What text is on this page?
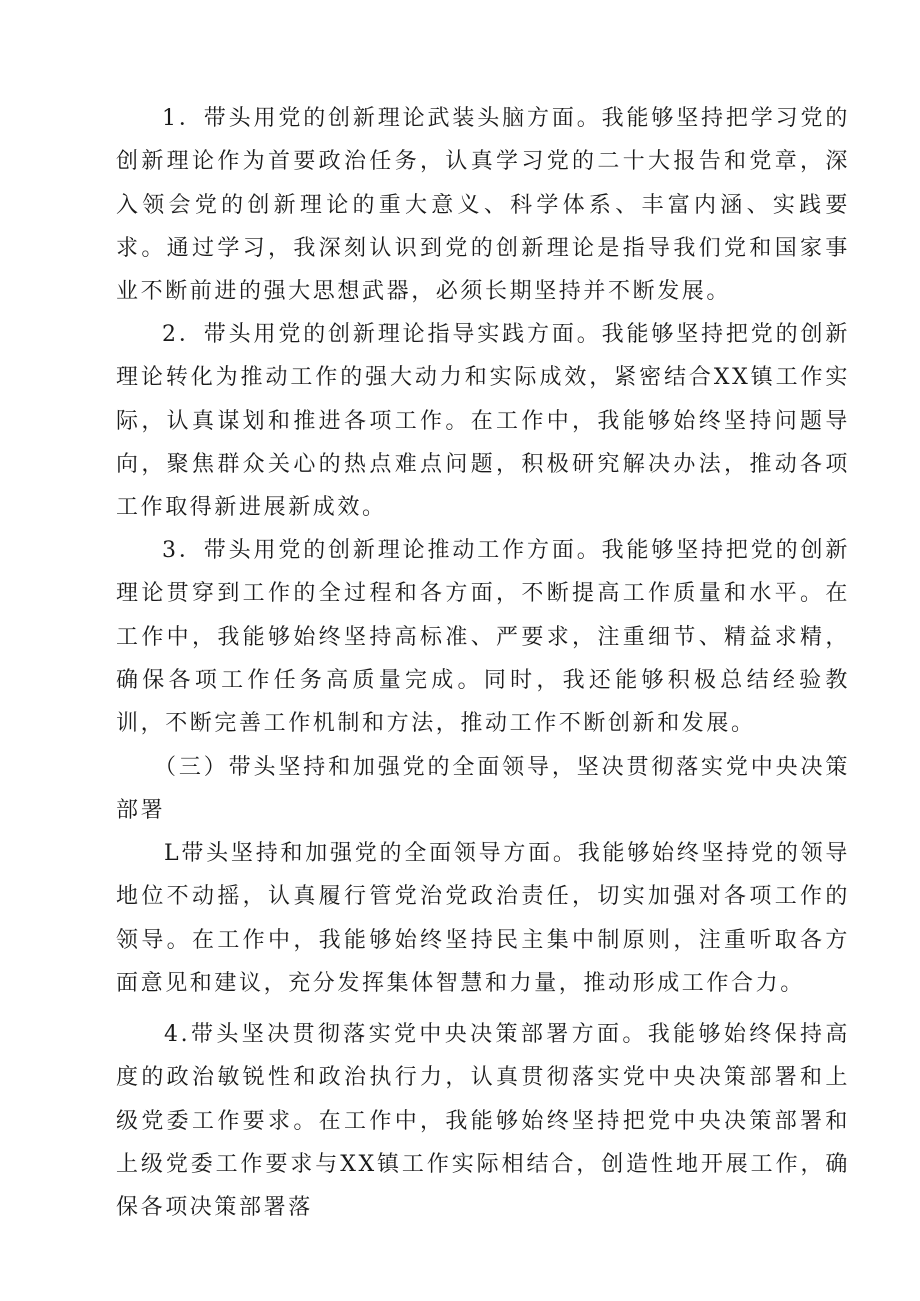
1．带头用党的创新理论武装头脑方面。我能够坚持把学习党的创新理论作为首要政治任务，认真学习党的二十大报告和党章，深入领会党的创新理论的重大意义、科学体系、丰富内涵、实践要求。通过学习，我深刻认识到党的创新理论是指导我们党和国家事业不断前进的强大思想武器，必须长期坚持并不断发展。

2．带头用党的创新理论指导实践方面。我能够坚持把党的创新理论转化为推动工作的强大动力和实际成效，紧密结合XX镇工作实际，认真谋划和推进各项工作。在工作中，我能够始终坚持问题导向，聚焦群众关心的热点难点问题，积极研究解决办法，推动各项工作取得新进展新成效。

3．带头用党的创新理论推动工作方面。我能够坚持把党的创新理论贯穿到工作的全过程和各方面，不断提高工作质量和水平。在工作中，我能够始终坚持高标准、严要求，注重细节、精益求精，确保各项工作任务高质量完成。同时，我还能够积极总结经验教训，不断完善工作机制和方法，推动工作不断创新和发展。

（三）带头坚持和加强党的全面领导，坚决贯彻落实党中央决策部署

L带头坚持和加强党的全面领导方面。我能够始终坚持党的领导地位不动摇，认真履行管党治党政治责任，切实加强对各项工作的领导。在工作中，我能够始终坚持民主集中制原则，注重听取各方面意见和建议，充分发挥集体智慧和力量，推动形成工作合力。

4.带头坚决贯彻落实党中央决策部署方面。我能够始终保持高度的政治敏锐性和政治执行力，认真贯彻落实党中央决策部署和上级党委工作要求。在工作中，我能够始终坚持把党中央决策部署和上级党委工作要求与XX镇工作实际相结合，创造性地开展工作，确保各项决策部署落
